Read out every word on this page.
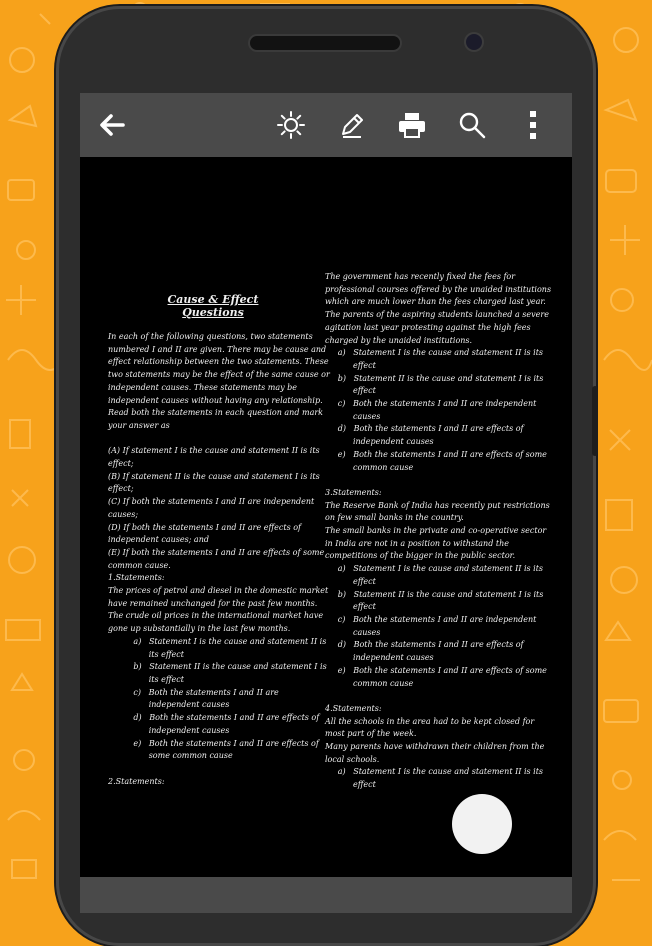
Cause & Effect Questions
In each of the following questions, two statements
numbered I and II are given. There may be cause and
effect relationship between the two statements. These
two statements may be the effect of the same cause or
independent causes. These statements may be
independent causes without having any relationship.
Read both the statements in each question and mark
your answer as

(A) If statement I is the cause and statement II is its
effect;
(B) If statement II is the cause and statement I is its
effect;
(C) If both the statements I and II are independent
causes;
(D) If both the statements I and II are effects of
independent causes; and
(E) If both the statements I and II are effects of some
common cause.
1.Statements:
The prices of petrol and diesel in the domestic market
have remained unchanged for the past few months.
The crude oil prices in the international market have
gone up substantially in the last few months.
a)   Statement I is the cause and statement II is
its effect
b)   Statement II is the cause and statement I is
its effect
c)   Both the statements I and II are
independent causes
d)   Both the statements I and II are effects of
independent causes
e)   Both the statements I and II are effects of
some common cause

2.Statements:
The government has recently fixed the fees for
professional courses offered by the unaided institutions
which are much lower than the fees charged last year.
The parents of the aspiring students launched a severe
agitation last year protesting against the high fees
charged by the unaided institutions.
a)   Statement I is the cause and statement II is its
effect
b)   Statement II is the cause and statement I is its
effect
c)   Both the statements I and II are independent
causes
d)   Both the statements I and II are effects of
independent causes
e)   Both the statements I and II are effects of some
common cause

3.Statements:
The Reserve Bank of India has recently put restrictions
on few small banks in the country.
The small banks in the private and co-operative sector
in India are not in a position to withstand the
competitions of the bigger in the public sector.
a)   Statement I is the cause and statement II is its
effect
b)   Statement II is the cause and statement I is its
effect
c)   Both the statements I and II are independent
causes
d)   Both the statements I and II are effects of
independent causes
e)   Both the statements I and II are effects of some
common cause

4.Statements:
All the schools in the area had to be kept closed for
most part of the week.
Many parents have withdrawn their children from the
local schools.
a)   Statement I is the cause and statement II is its
effect
